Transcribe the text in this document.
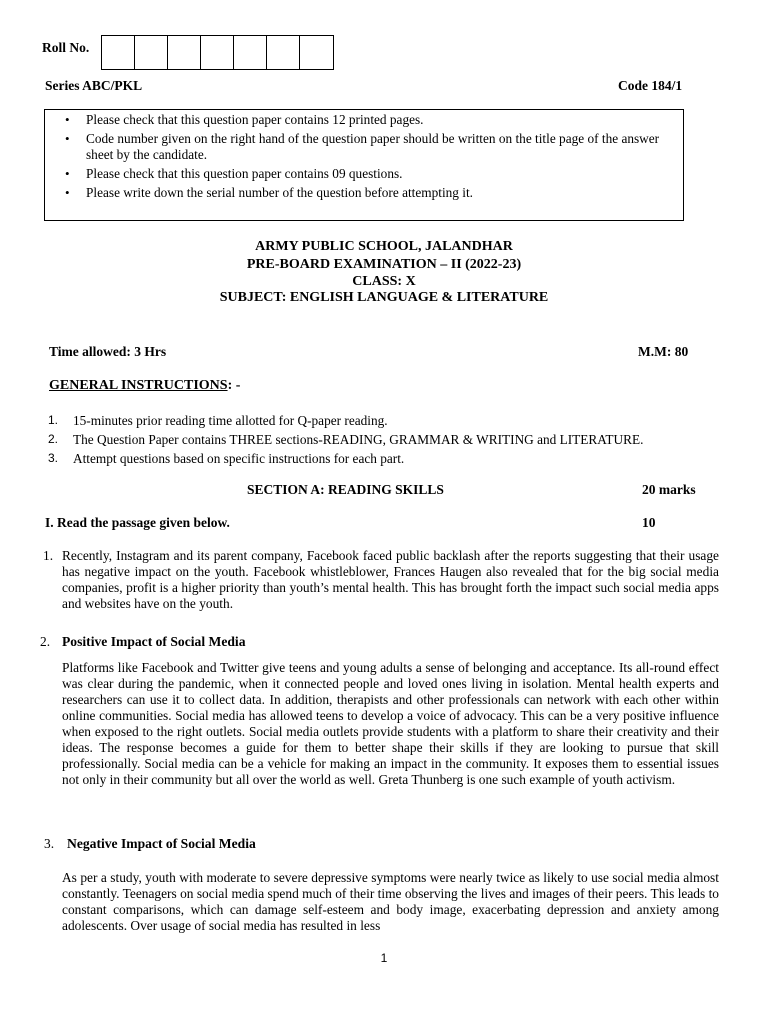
Roll No.
Series ABC/PKL	Code 184/1
• Please check that this question paper contains 12 printed pages.
• Code number given on the right hand of the question paper should be written on the title page of the answer sheet by the candidate.
• Please check that this question paper contains 09 questions.
• Please write down the serial number of the question before attempting it.
ARMY PUBLIC SCHOOL, JALANDHAR
PRE-BOARD EXAMINATION – II (2022-23)
CLASS: X
SUBJECT: ENGLISH LANGUAGE & LITERATURE
Time allowed: 3 Hrs	M.M: 80
GENERAL INSTRUCTIONS: -
1.	15-minutes prior reading time allotted for Q-paper reading.
2.	The Question Paper contains THREE sections-READING, GRAMMAR & WRITING and LITERATURE.
3.	Attempt questions based on specific instructions for each part.
SECTION A: READING SKILLS	20 marks
I. Read the passage given below.	10
1. Recently, Instagram and its parent company, Facebook faced public backlash after the reports suggesting that their usage has negative impact on the youth. Facebook whistleblower, Frances Haugen also revealed that for the big social media companies, profit is a higher priority than youth’s mental health. This has brought forth the impact such social media apps and websites have on the youth.
2. Positive Impact of Social Media
Platforms like Facebook and Twitter give teens and young adults a sense of belonging and acceptance. Its all-round effect was clear during the pandemic, when it connected people and loved ones living in isolation. Mental health experts and researchers can use it to collect data. In addition, therapists and other professionals can network with each other within online communities. Social media has allowed teens to develop a voice of advocacy. This can be a very positive influence when exposed to the right outlets. Social media outlets provide students with a platform to share their creativity and their ideas. The response becomes a guide for them to better shape their skills if they are looking to pursue that skill professionally. Social media can be a vehicle for making an impact in the community. It exposes them to essential issues not only in their community but all over the world as well. Greta Thunberg is one such example of youth activism.
3. Negative Impact of Social Media
As per a study, youth with moderate to severe depressive symptoms were nearly twice as likely to use social media almost constantly. Teenagers on social media spend much of their time observing the lives and images of their peers. This leads to constant comparisons, which can damage self-esteem and body image, exacerbating depression and anxiety among adolescents. Over usage of social media has resulted in less
1
